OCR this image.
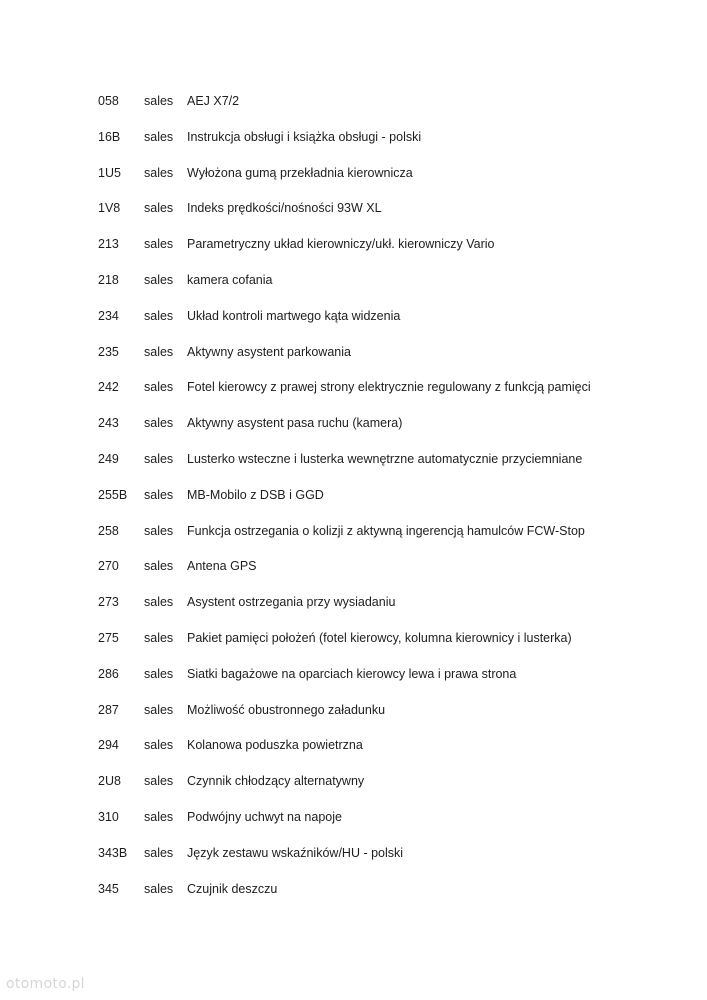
058	sales	AEJ X7/2
16B	sales	Instrukcja obsługi i książka obsługi - polski
1U5	sales	Wyłożona gumą przekładnia kierownicza
1V8	sales	Indeks prędkości/nośności 93W XL
213	sales	Parametryczny układ kierowniczy/ukł. kierowniczy Vario
218	sales	kamera cofania
234	sales	Układ kontroli martwego kąta widzenia
235	sales	Aktywny asystent parkowania
242	sales	Fotel kierowcy z prawej strony elektrycznie regulowany z funkcją pamięci
243	sales	Aktywny asystent pasa ruchu (kamera)
249	sales	Lusterko wsteczne i lusterka wewnętrzne automatycznie przyciemniane
255B	sales	MB-Mobilo z DSB i GGD
258	sales	Funkcja ostrzegania o kolizji z aktywną ingerencją hamulców FCW-Stop
270	sales	Antena GPS
273	sales	Asystent ostrzegania przy wysiadaniu
275	sales	Pakiet pamięci położeń (fotel kierowcy, kolumna kierownicy i lusterka)
286	sales	Siatki bagażowe na oparciach kierowcy lewa i prawa strona
287	sales	Możliwość obustronnego załadunku
294	sales	Kolanowa poduszka powietrzna
2U8	sales	Czynnik chłodzący alternatywny
310	sales	Podwójny uchwyt na napoje
343B	sales	Język zestawu wskaźników/HU - polski
345	sales	Czujnik deszczu
otomoto.pl
